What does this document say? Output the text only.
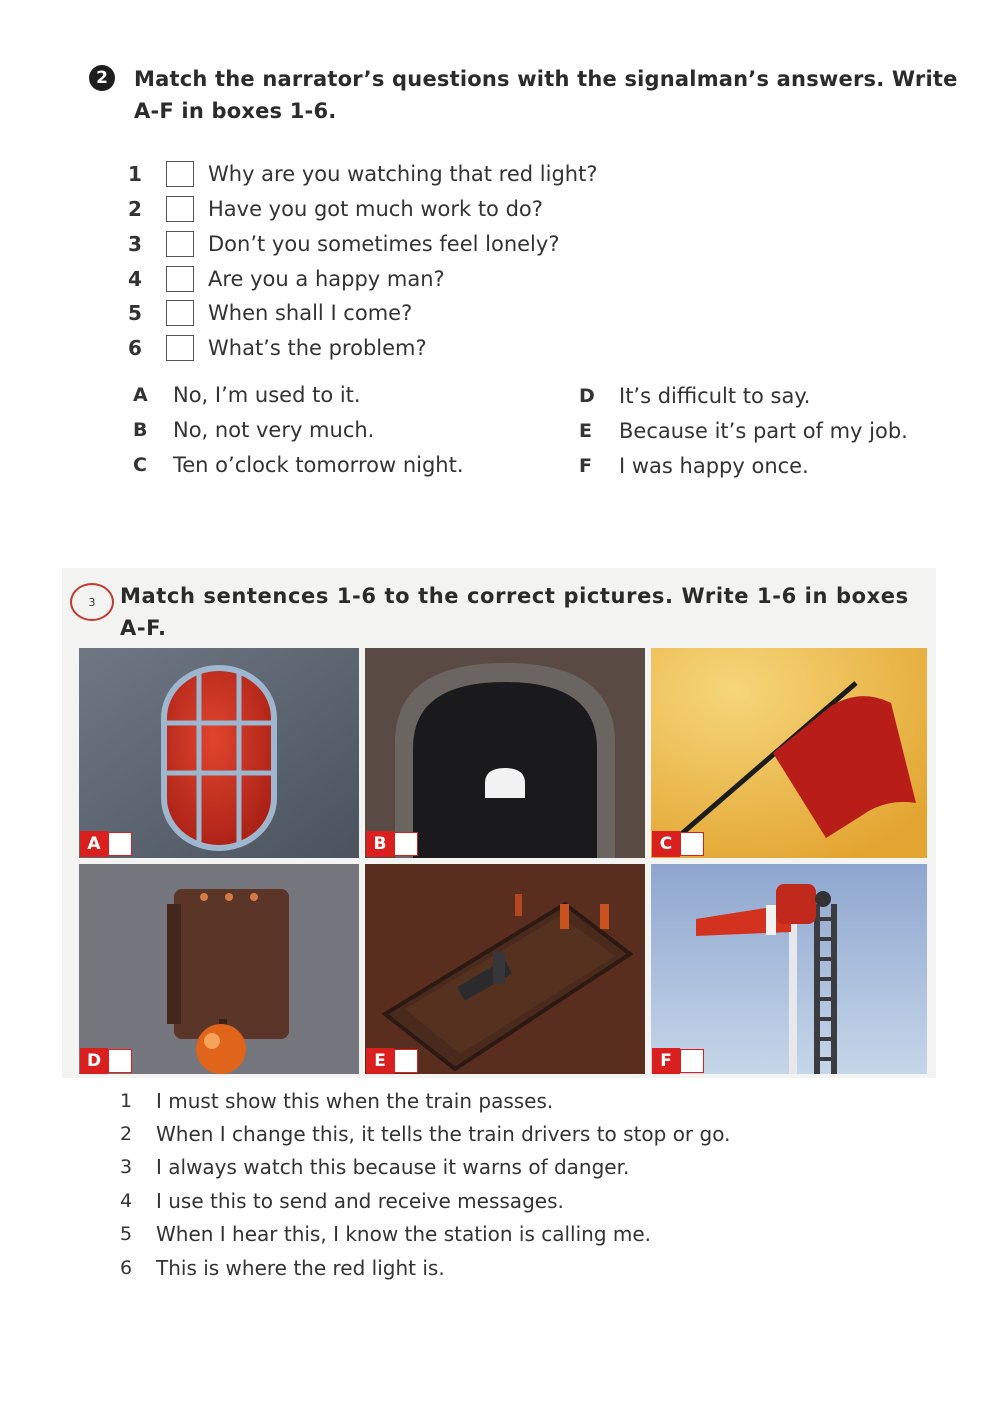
2	Match the narrator’s questions with the signalman’s answers. Write
A-F in boxes 1-6.
1	Why are you watching that red light?
2	Have you got much work to do?
3	Don’t you sometimes feel lonely?
4	Are you a happy man?
5	When shall I come?
6	What’s the problem?
A	No, I’m used to it.
B	No, not very much.
C	Ten o’clock tomorrow night.
D	It’s difficult to say.
E	Because it’s part of my job.
F	I was happy once.
3	Match sentences 1-6 to the correct pictures. Write 1-6 in boxes
A-F.
A	B	C
D	E	F
1	I must show this when the train passes.
2	When I change this, it tells the train drivers to stop or go.
3	I always watch this because it warns of danger.
4	I use this to send and receive messages.
5	When I hear this, I know the station is calling me.
6	This is where the red light is.
